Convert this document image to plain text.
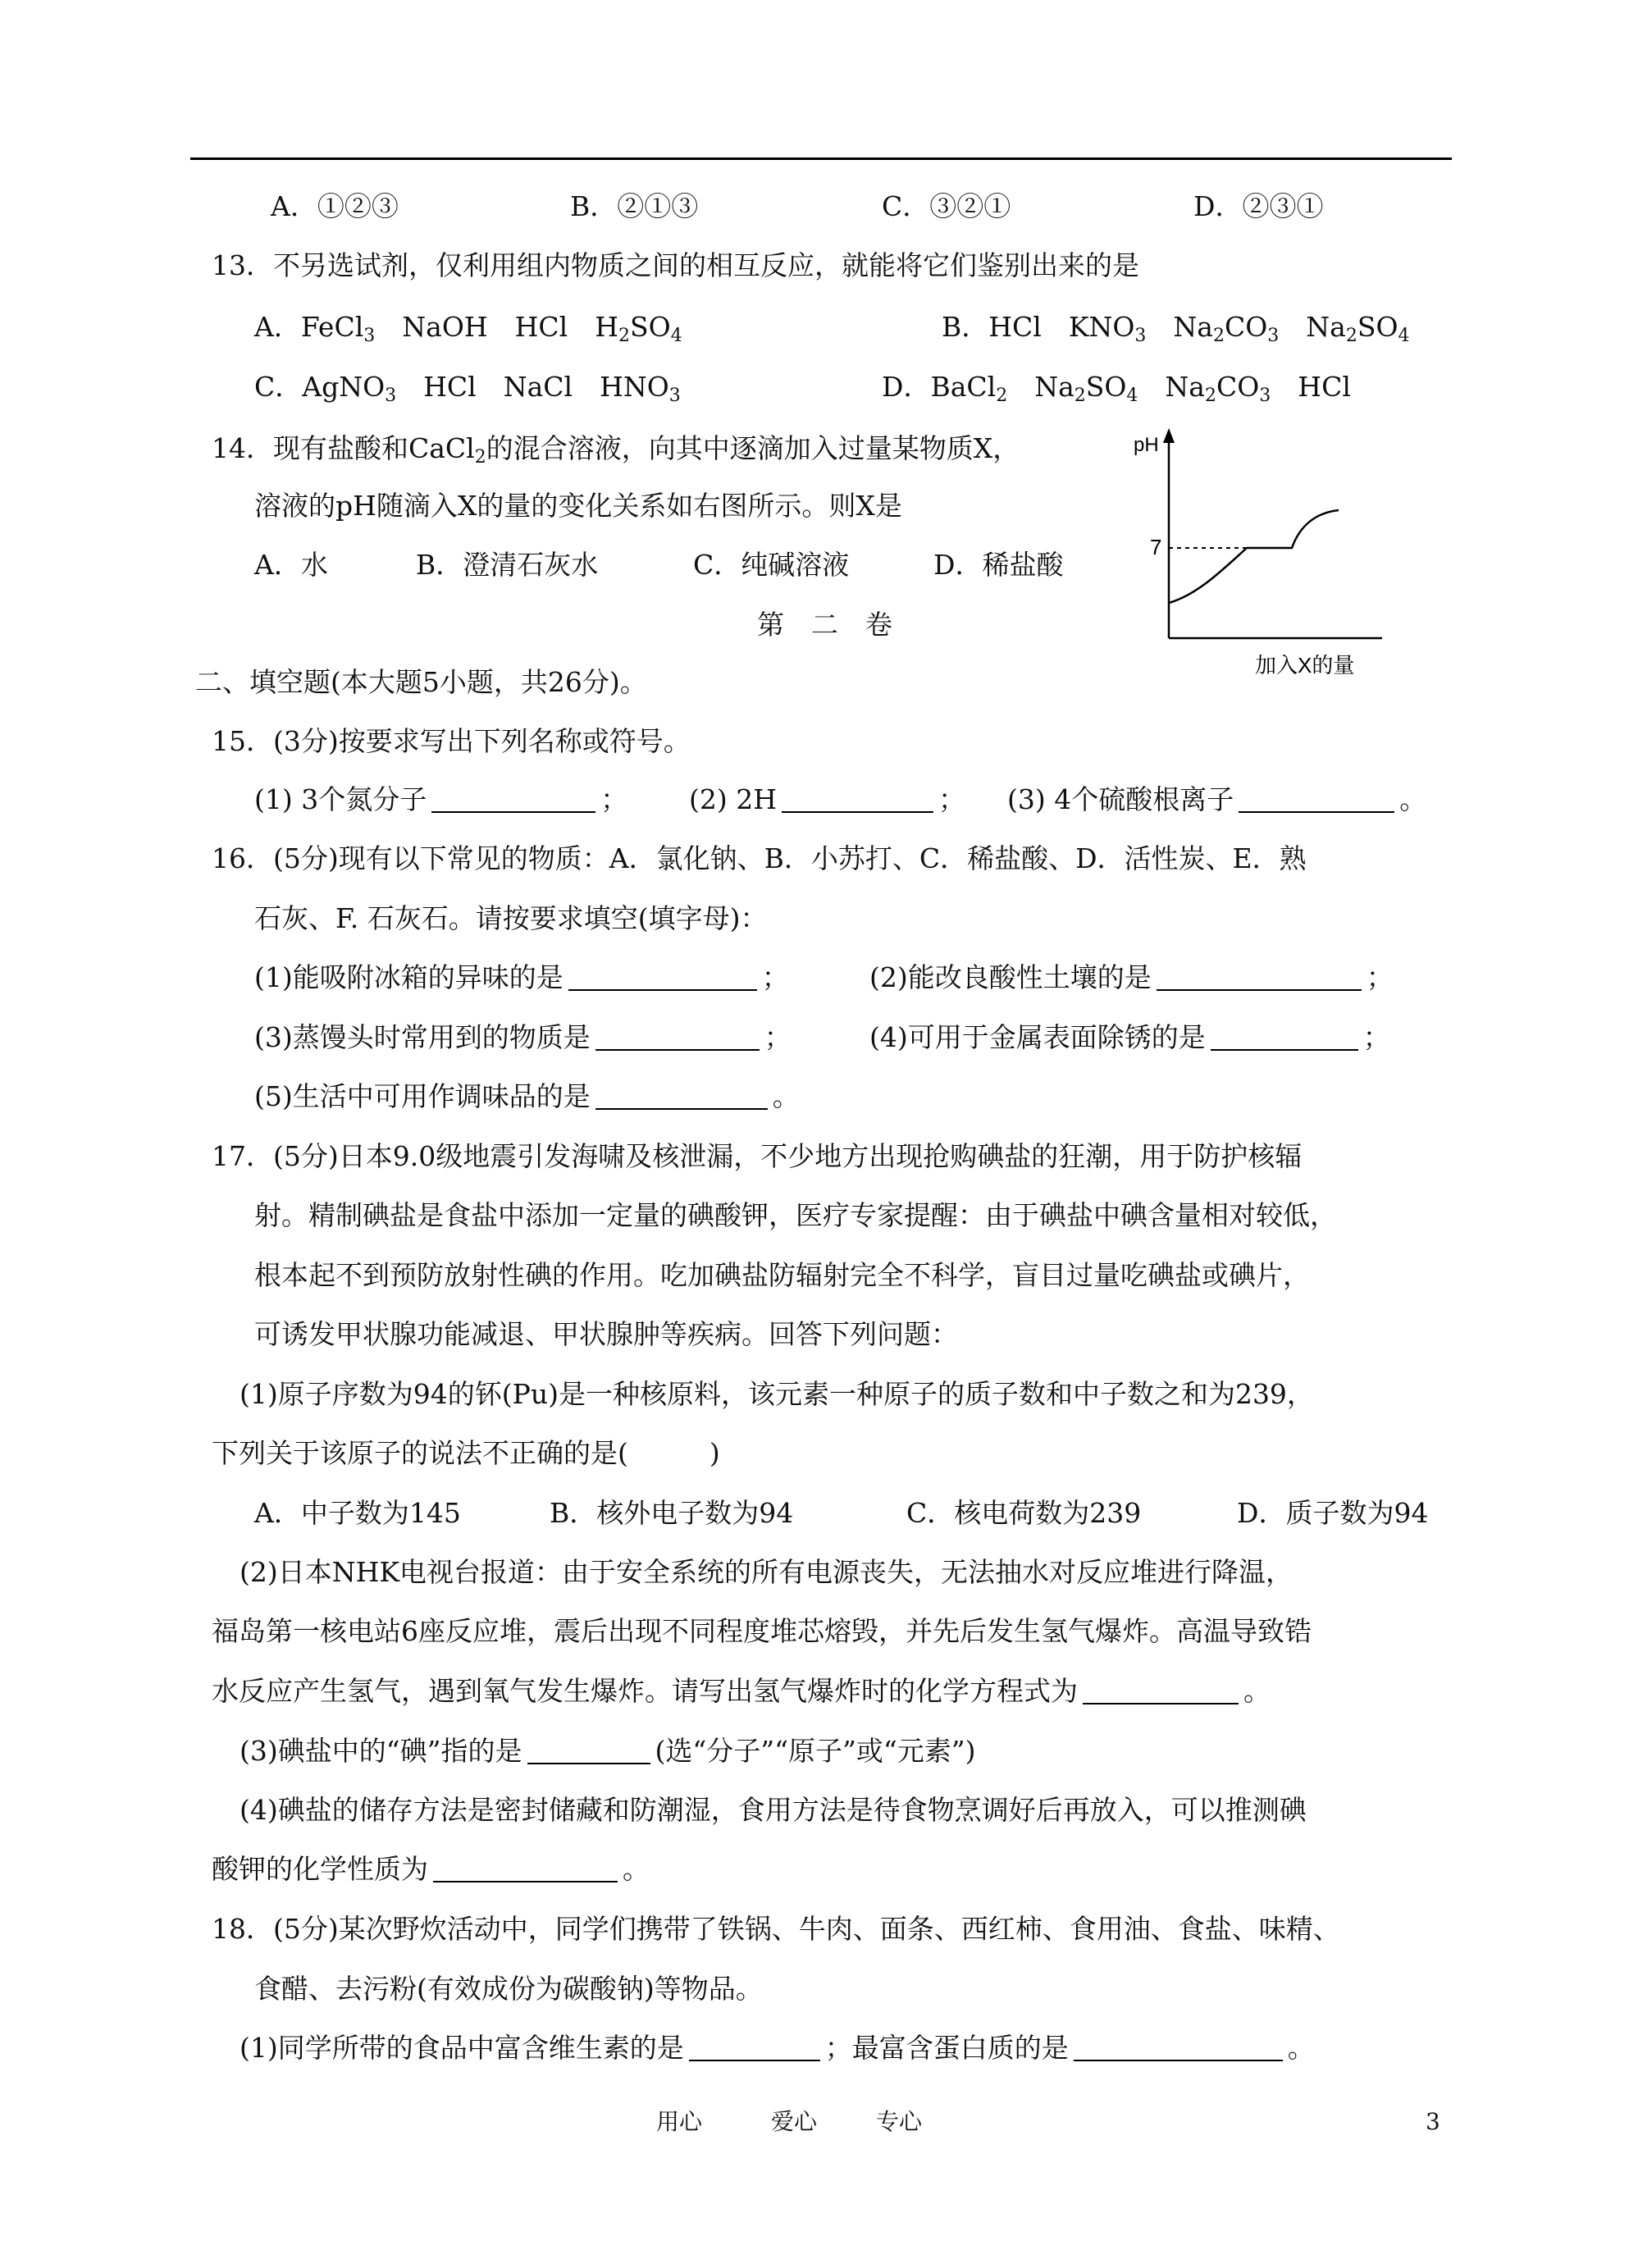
A．①②③	B．②①③	C．③②①	D．②③①
13．不另选试剂，仅利用组内物质之间的相互反应，就能将它们鉴别出来的是
A．FeCl$_3$　NaOH　HCl　$H_2SO_4$	B．HCl　$KNO_3$　$Na_2CO_3$　$Na_2SO_4$
C．AgNO$_3$　HCl　NaCl　$HNO_3$	D．BaCl$_2$　$Na_2SO_4$　$Na_2CO_3$　HCl
14．现有盐酸和CaCl$_2$的混合溶液，向其中逐滴加入过量某物质X，
溶液的pH随滴入X的量的变化关系如右图所示。则X是
A．水	B．澄清石灰水	C．纯碱溶液	D．稀盐酸
pH
7
加入X的量
第　二　卷
二、填空题(本大题5小题，共26分)。
15．(3分)按要求写出下列名称或符号。
(1) 3个氮分子	； (2) 2H	； (3) 4个硫酸根离子	。
16．(5分)现有以下常见的物质：A．氯化钠、B．小苏打、C．稀盐酸、D．活性炭、E．熟
石灰、F. 石灰石。请按要求填空(填字母)：
(1)能吸附冰箱的异味的是	；	(2)能改良酸性土壤的是	；
(3)蒸馒头时常用到的物质是	；	(4)可用于金属表面除锈的是	；
(5)生活中可用作调味品的是	。
17．(5分)日本9.0级地震引发海啸及核泄漏，不少地方出现抢购碘盐的狂潮，用于防护核辐
射。精制碘盐是食盐中添加一定量的碘酸钾，医疗专家提醒：由于碘盐中碘含量相对较低，
根本起不到预防放射性碘的作用。吃加碘盐防辐射完全不科学，盲目过量吃碘盐或碘片，
可诱发甲状腺功能减退、甲状腺肿等疾病。回答下列问题：
(1)原子序数为94的钚(Pu)是一种核原料，该元素一种原子的质子数和中子数之和为239，
下列关于该原子的说法不正确的是(　　　)
A．中子数为145	B．核外电子数为94	C．核电荷数为239	D．质子数为94
(2)日本NHK电视台报道：由于安全系统的所有电源丧失，无法抽水对反应堆进行降温，
福岛第一核电站6座反应堆，震后出现不同程度堆芯熔毁，并先后发生氢气爆炸。高温导致锆
水反应产生氢气，遇到氧气发生爆炸。请写出氢气爆炸时的化学方程式为	。
(3)碘盐中的“碘”指的是	(选“分子”“原子”或“元素”)
(4)碘盐的储存方法是密封储藏和防潮湿，食用方法是待食物烹调好后再放入，可以推测碘
酸钾的化学性质为	。
18．(5分)某次野炊活动中，同学们携带了铁锅、牛肉、面条、西红柿、食用油、食盐、味精、
食醋、去污粉(有效成份为碳酸钠)等物品。
(1)同学所带的食品中富含维生素的是	；最富含蛋白质的是	。
用心	爱心	专心	3
